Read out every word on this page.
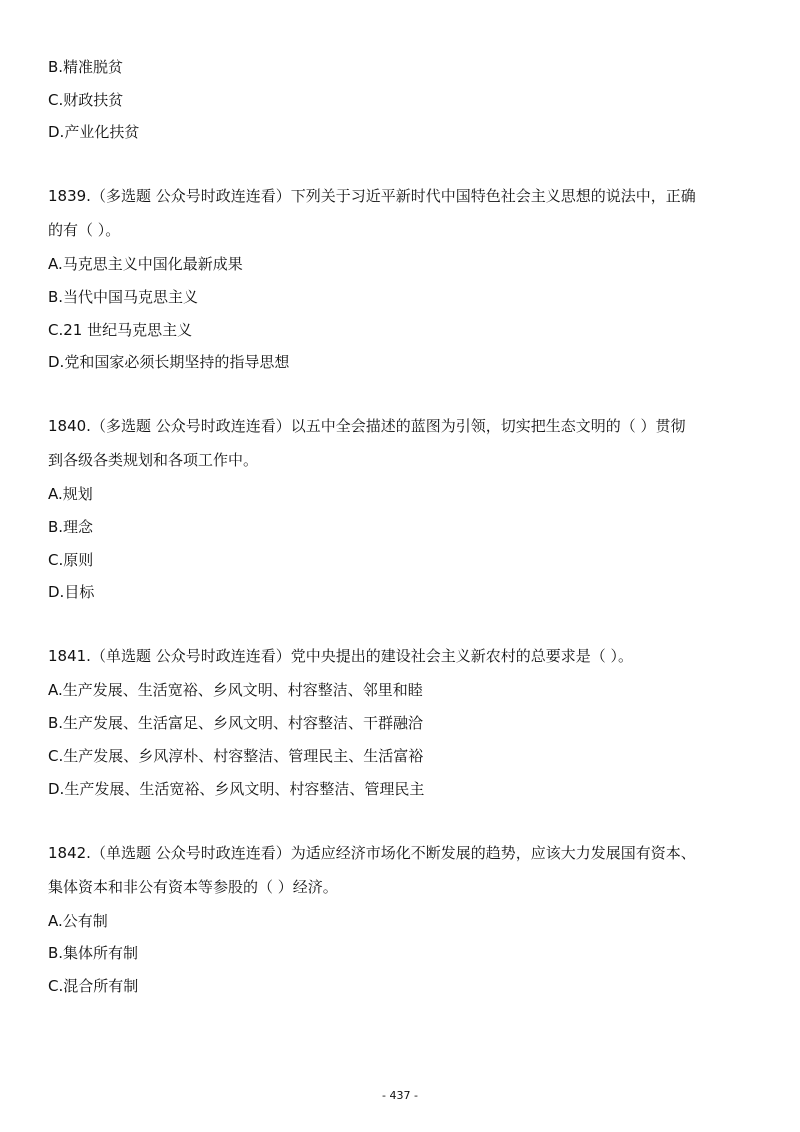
B.精准脱贫
C.财政扶贫
D.产业化扶贫
1839.（多选题 公众号时政连连看）下列关于习近平新时代中国特色社会主义思想的说法中，正确
的有（ ）。
A.马克思主义中国化最新成果
B.当代中国马克思主义
C.21 世纪马克思主义
D.党和国家必须长期坚持的指导思想
1840.（多选题 公众号时政连连看）以五中全会描述的蓝图为引领，切实把生态文明的（ ）贯彻
到各级各类规划和各项工作中。
A.规划
B.理念
C.原则
D.目标
1841.（单选题 公众号时政连连看）党中央提出的建设社会主义新农村的总要求是（ ）。
A.生产发展、生活宽裕、乡风文明、村容整洁、邻里和睦
B.生产发展、生活富足、乡风文明、村容整洁、干群融洽
C.生产发展、乡风淳朴、村容整洁、管理民主、生活富裕
D.生产发展、生活宽裕、乡风文明、村容整洁、管理民主
1842.（单选题 公众号时政连连看）为适应经济市场化不断发展的趋势，应该大力发展国有资本、
集体资本和非公有资本等参股的（ ）经济。
A.公有制
B.集体所有制
C.混合所有制
- 437 -
